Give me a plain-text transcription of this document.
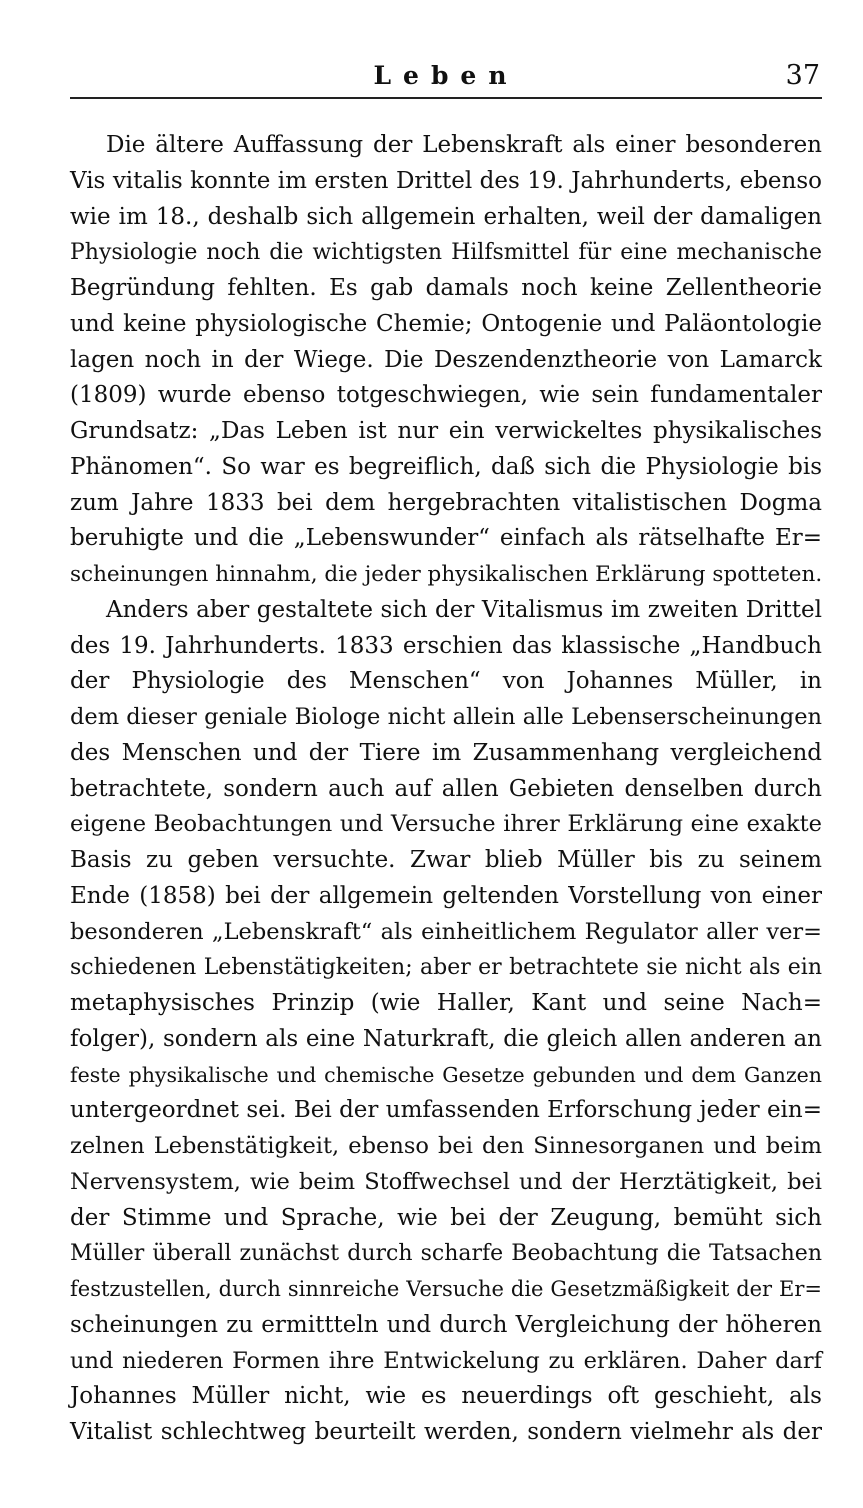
Leben	37
Die ältere Auffassung der Lebenskraft als einer besonderen
Vis vitalis konnte im ersten Drittel des 19. Jahrhunderts, ebenso
wie im 18., deshalb sich allgemein erhalten, weil der damaligen
Physiologie noch die wichtigsten Hilfsmittel für eine mechanische
Begründung fehlten. Es gab damals noch keine Zellentheorie
und keine physiologische Chemie; Ontogenie und Paläontologie
lagen noch in der Wiege. Die Deszendenztheorie von Lamarck
(1809) wurde ebenso totgeschwiegen, wie sein fundamentaler
Grundsatz: „Das Leben ist nur ein verwickeltes physikalisches
Phänomen“. So war es begreiflich, daß sich die Physiologie bis
zum Jahre 1833 bei dem hergebrachten vitalistischen Dogma
beruhigte und die „Lebenswunder“ einfach als rätselhafte Er=
scheinungen hinnahm, die jeder physikalischen Erklärung spotteten.
Anders aber gestaltete sich der Vitalismus im zweiten Drittel
des 19. Jahrhunderts. 1833 erschien das klassische „Handbuch
der Physiologie des Menschen“ von Johannes Müller, in
dem dieser geniale Biologe nicht allein alle Lebenserscheinungen
des Menschen und der Tiere im Zusammenhang vergleichend
betrachtete, sondern auch auf allen Gebieten denselben durch
eigene Beobachtungen und Versuche ihrer Erklärung eine exakte
Basis zu geben versuchte. Zwar blieb Müller bis zu seinem
Ende (1858) bei der allgemein geltenden Vorstellung von einer
besonderen „Lebenskraft“ als einheitlichem Regulator aller ver=
schiedenen Lebenstätigkeiten; aber er betrachtete sie nicht als ein
metaphysisches Prinzip (wie Haller, Kant und seine Nach=
folger), sondern als eine Naturkraft, die gleich allen anderen an
feste physikalische und chemische Gesetze gebunden und dem Ganzen
untergeordnet sei. Bei der umfassenden Erforschung jeder ein=
zelnen Lebenstätigkeit, ebenso bei den Sinnesorganen und beim
Nervensystem, wie beim Stoffwechsel und der Herztätigkeit, bei
der Stimme und Sprache, wie bei der Zeugung, bemüht sich
Müller überall zunächst durch scharfe Beobachtung die Tatsachen
festzustellen, durch sinnreiche Versuche die Gesetzmäßigkeit der Er=
scheinungen zu ermittteln und durch Vergleichung der höheren
und niederen Formen ihre Entwickelung zu erklären. Daher darf
Johannes Müller nicht, wie es neuerdings oft geschieht, als
Vitalist schlechtweg beurteilt werden, sondern vielmehr als der
